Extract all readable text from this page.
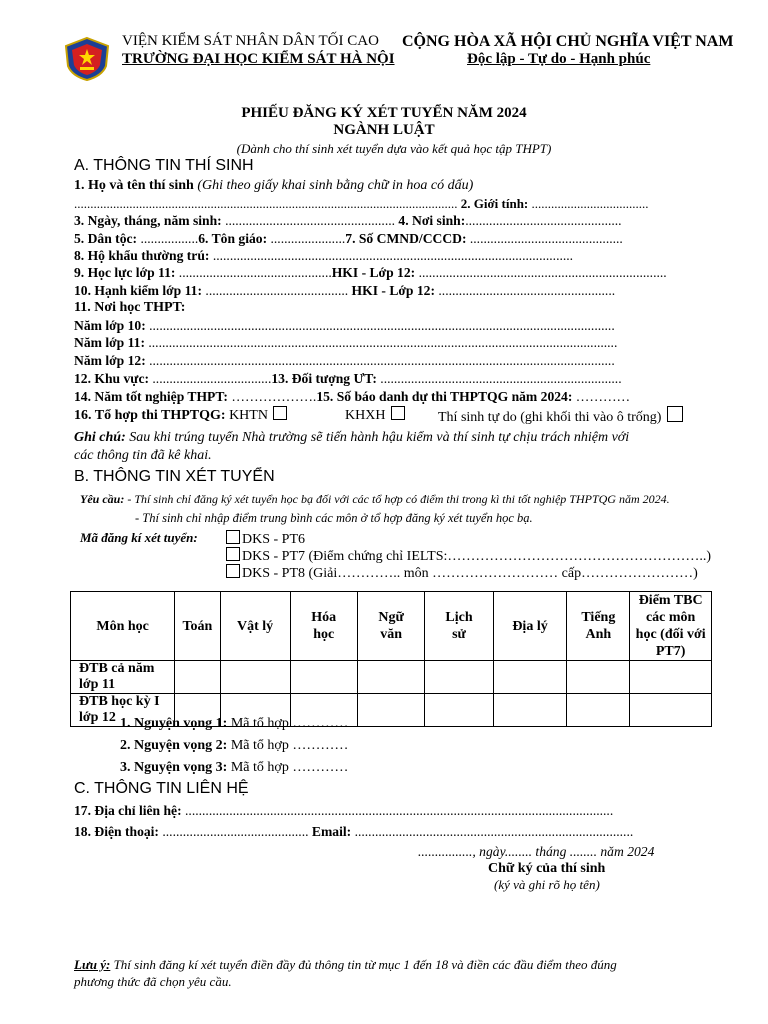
VIỆN KIỂM SÁT NHÂN DÂN TỐI CAO
TRƯỜNG ĐẠI HỌC KIỂM SÁT HÀ NỘI
CỘNG HÒA XÃ HỘI CHỦ NGHĨA VIỆT NAM
Độc lập - Tự do - Hạnh phúc
PHIẾU ĐĂNG KÝ XÉT TUYỂN NĂM 2024
NGÀNH LUẬT
(Dành cho thí sinh xét tuyển dựa vào kết quả học tập THPT)
A. THÔNG TIN THÍ SINH
1. Họ và tên thí sinh (Ghi theo giấy khai sinh bằng chữ in hoa có dấu)
...................................................................................................................... 2. Giới tính: ....................................
3. Ngày, tháng, năm sinh: .................................................. 4. Nơi sinh:..............................................
5. Dân tộc: .................6. Tôn giáo: ......................7. Số CMND/CCCD: .............................................
8. Hộ khẩu thường trú: ..........................................................................................................
9. Học lực lớp 11: .............................................HKI - Lớp 12: .........................................................................
10. Hạnh kiểm lớp 11: .......................................... HKI - Lớp 12: ....................................................
11. Nơi học THPT:
Năm lớp 10: .........................................................................................................................................
Năm lớp 11: ..........................................................................................................................................
Năm lớp 12: .........................................................................................................................................
12. Khu vực: ...................................13. Đối tượng ƯT: .......................................................................
14. Năm tốt nghiệp THPT: ……………….15. Số báo danh dự thi THPTQG năm 2024: …………
16. Tổ hợp thi THPTQG: KHTN	KHXH	Thí sinh tự do (ghi khối thi vào ô trống)
Ghi chú: Sau khi trúng tuyển Nhà trường sẽ tiến hành hậu kiểm và thí sinh tự chịu trách nhiệm với
các thông tin đã kê khai.
B. THÔNG TIN XÉT TUYỂN
Yêu cầu: - Thí sinh chỉ đăng ký xét tuyển học bạ đối với các tổ hợp có điểm thi trong kì thi tốt nghiệp THPTQG năm 2024.
- Thí sinh chỉ nhập điểm trung bình các môn ở tổ hợp đăng ký xét tuyển học bạ.
Mã đăng kí xét tuyển:	DKS - PT6
DKS - PT7 (Điểm chứng chỉ IELTS:………………………………………………..)
DKS - PT8 (Giải………….. môn ……………………… cấp……………………)
Môn học	Toán	Vật lý	Hóa học	Ngữ văn	Lịch sử	Địa lý	Tiếng Anh	Điểm TBC các môn học (đối với PT7)
ĐTB cả năm lớp 11								
ĐTB học kỳ I lớp 12								1. Nguyện vọng 1: Mã tổ hợp …………
2. Nguyện vọng 2: Mã tổ hợp …………
3. Nguyện vọng 3: Mã tổ hợp …………
C. THÔNG TIN LIÊN HỆ
17. Địa chỉ liên hệ: ..............................................................................................................................
18. Điện thoại: ........................................... Email: ..................................................................................
................, ngày........ tháng ........ năm 2024
Chữ ký của thí sinh
(ký và ghi rõ họ tên)
Lưu ý: Thí sinh đăng kí xét tuyển điền đầy đủ thông tin từ mục 1 đến 18 và điền các đầu điểm theo đúng
phương thức đã chọn yêu cầu.
